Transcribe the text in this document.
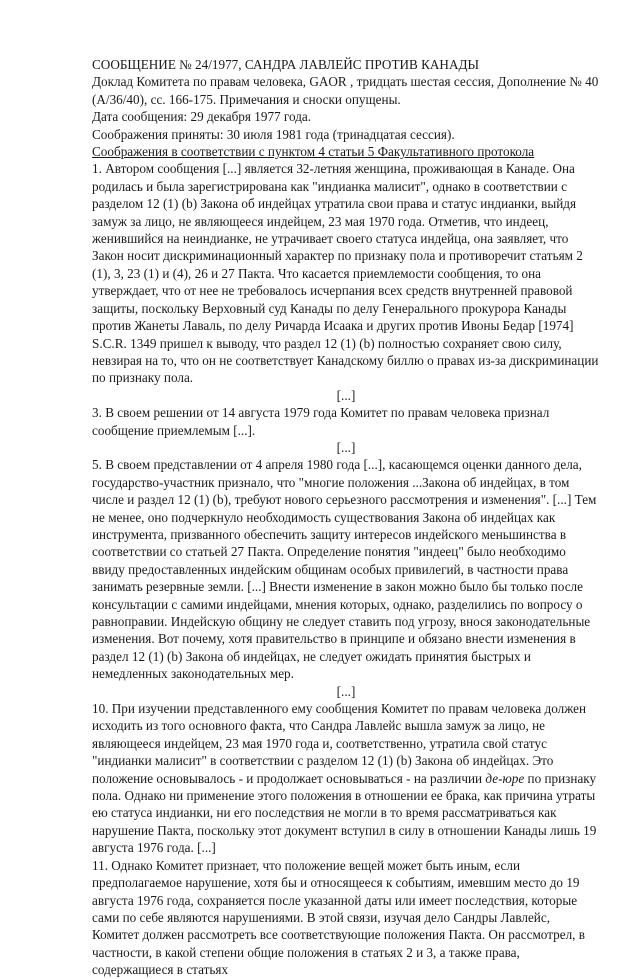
СООБЩЕНИЕ № 24/1977, САНДРА ЛАВЛЕЙС ПРОТИВ КАНАДЫ
Доклад Комитета по правам человека, GAOR , тридцать шестая сессия, Дополнение № 40 (A/36/40), сс. 166-175. Примечания и сноски опущены.
Дата сообщения: 29 декабря 1977 года.
Соображения приняты: 30 июля 1981 года (тринадцатая сессия).
Соображения в соответствии с пунктом 4 статьи 5 Факультативного протокола
1. Автором сообщения [...] является 32-летняя женщина, проживающая в Канаде. Она родилась и была зарегистрирована как "индианка малисит", однако в соответствии с разделом 12 (1) (b) Закона об индейцах утратила свои права и статус индианки, выйдя замуж за лицо, не являющееся индейцем, 23 мая 1970 года. Отметив, что индеец, женившийся на неиндианке, не утрачивает своего статуса индейца, она заявляет, что Закон носит дискриминационный характер по признаку пола и противоречит статьям 2 (1), 3, 23 (1) и (4), 26 и 27 Пакта. Что касается приемлемости сообщения, то она утверждает, что от нее не требовалось исчерпания всех средств внутренней правовой защиты, поскольку Верховный суд Канады по делу Генерального прокурора Канады против Жанеты Лаваль, по делу Ричарда Исаака и других против Ивоны Бедар [1974] S.C.R. 1349 пришел к выводу, что раздел 12 (1) (b) полностью сохраняет свою силу, невзирая на то, что он не соответствует Канадскому биллю о правах из-за дискриминации по признаку пола.
[...]
3. В своем решении от 14 августа 1979 года Комитет по правам человека признал сообщение приемлемым [...].
[...]
5. В своем представлении от 4 апреля 1980 года [...], касающемся оценки данного дела, государство-участник признало, что "многие положения ...Закона об индейцах, в том числе и раздел 12 (1) (b), требуют нового серьезного рассмотрения и изменения". [...] Тем не менее, оно подчеркнуло необходимость существования Закона об индейцах как инструмента, призванного обеспечить защиту интересов индейского меньшинства в соответствии со статьей 27 Пакта. Определение понятия "индеец" было необходимо ввиду предоставленных индейским общинам особых привилегий, в частности права занимать резервные земли. [...] Внести изменение в закон можно было бы только после консультации с самими индейцами, мнения которых, однако, разделились по вопросу о равноправии. Индейскую общину не следует ставить под угрозу, внося законодательные изменения. Вот почему, хотя правительство в принципе и обязано внести изменения в раздел 12 (1) (b) Закона об индейцах, не следует ожидать принятия быстрых и немедленных законодательных мер.
[...]
10. При изучении представленного ему сообщения Комитет по правам человека должен исходить из того основного факта, что Сандра Лавлейс вышла замуж за лицо, не являющееся индейцем, 23 мая 1970 года и, соответственно, утратила свой статус "индианки малисит" в соответствии с разделом 12 (1) (b) Закона об индейцах. Это положение основывалось - и продолжает основываться - на различии де-юре по признаку пола. Однако ни применение этого положения в отношении ее брака, как причина утраты ею статуса индианки, ни его последствия не могли в то время рассматриваться как нарушение Пакта, поскольку этот документ вступил в силу в отношении Канады лишь 19 августа 1976 года. [...]
11. Однако Комитет признает, что положение вещей может быть иным, если предполагаемое нарушение, хотя бы и относящееся к событиям, имевшим место до 19 августа 1976 года, сохраняется после указанной даты или имеет последствия, которые сами по себе являются нарушениями. В этой связи, изучая дело Сандры Лавлейс, Комитет должен рассмотреть все соответствующие положения Пакта. Он рассмотрел, в частности, в какой степени общие положения в статьях 2 и 3, а также права, содержащиеся в статьях
